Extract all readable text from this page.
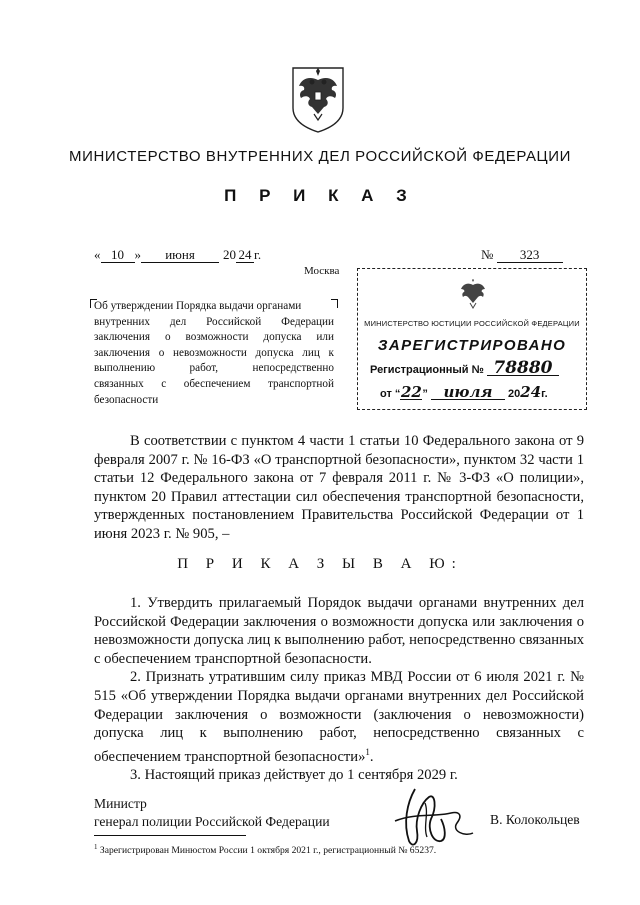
МИНИСТЕРСТВО ВНУТРЕННИХ ДЕЛ РОССИЙСКОЙ ФЕДЕРАЦИИ
П Р И К А З
« 10 » июня 20 24 г.
Москва
№ 323

Об утверждении Порядка выдачи органами

внутренних дел Российской Федерации

заключения о возможности допуска или

заключения о невозможности допуска лиц к

выполнению работ, непосредственно

связанных с обеспечением транспортной

безопасности

МИНИСТЕРСТВО ЮСТИЦИИ РОССИЙСКОЙ ФЕДЕРАЦИИ
ЗАРЕГИСТРИРОВАНО
Регистрационный № 78880
от “22” июля 2024г.

В соответствии с пунктом 4 части 1 статьи 10 Федерального закона от 9 февраля 2007 г. № 16-ФЗ «О транспортной безопасности», пунктом 32 части 1 статьи 12 Федерального закона от 7 февраля 2011 г. № 3-ФЗ «О полиции», пунктом 20 Правил аттестации сил обеспечения транспортной безопасности, утвержденных постановлением Правительства Российской Федерации от 1 июня 2023 г. № 905, –

П Р И К А З Ы В А Ю:

1. Утвердить прилагаемый Порядок выдачи органами внутренних дел Российской Федерации заключения о возможности допуска или заключения о невозможности допуска лиц к выполнению работ, непосредственно связанных с обеспечением транспортной безопасности.

2. Признать утратившим силу приказ МВД России от 6 июля 2021 г. № 515 «Об утверждении Порядка выдачи органами внутренних дел Российской Федерации заключения о возможности (заключения о невозможности) допуска лиц к выполнению работ, непосредственно связанных с обеспечением транспортной безопасности»$^1$.

3. Настоящий приказ действует до 1 сентября 2029 г.

Министр
генерал полиции Российской Федерации	В. Колокольцев
$^1$ Зарегистрирован Минюстом России 1 октября 2021 г., регистрационный № 65237.
